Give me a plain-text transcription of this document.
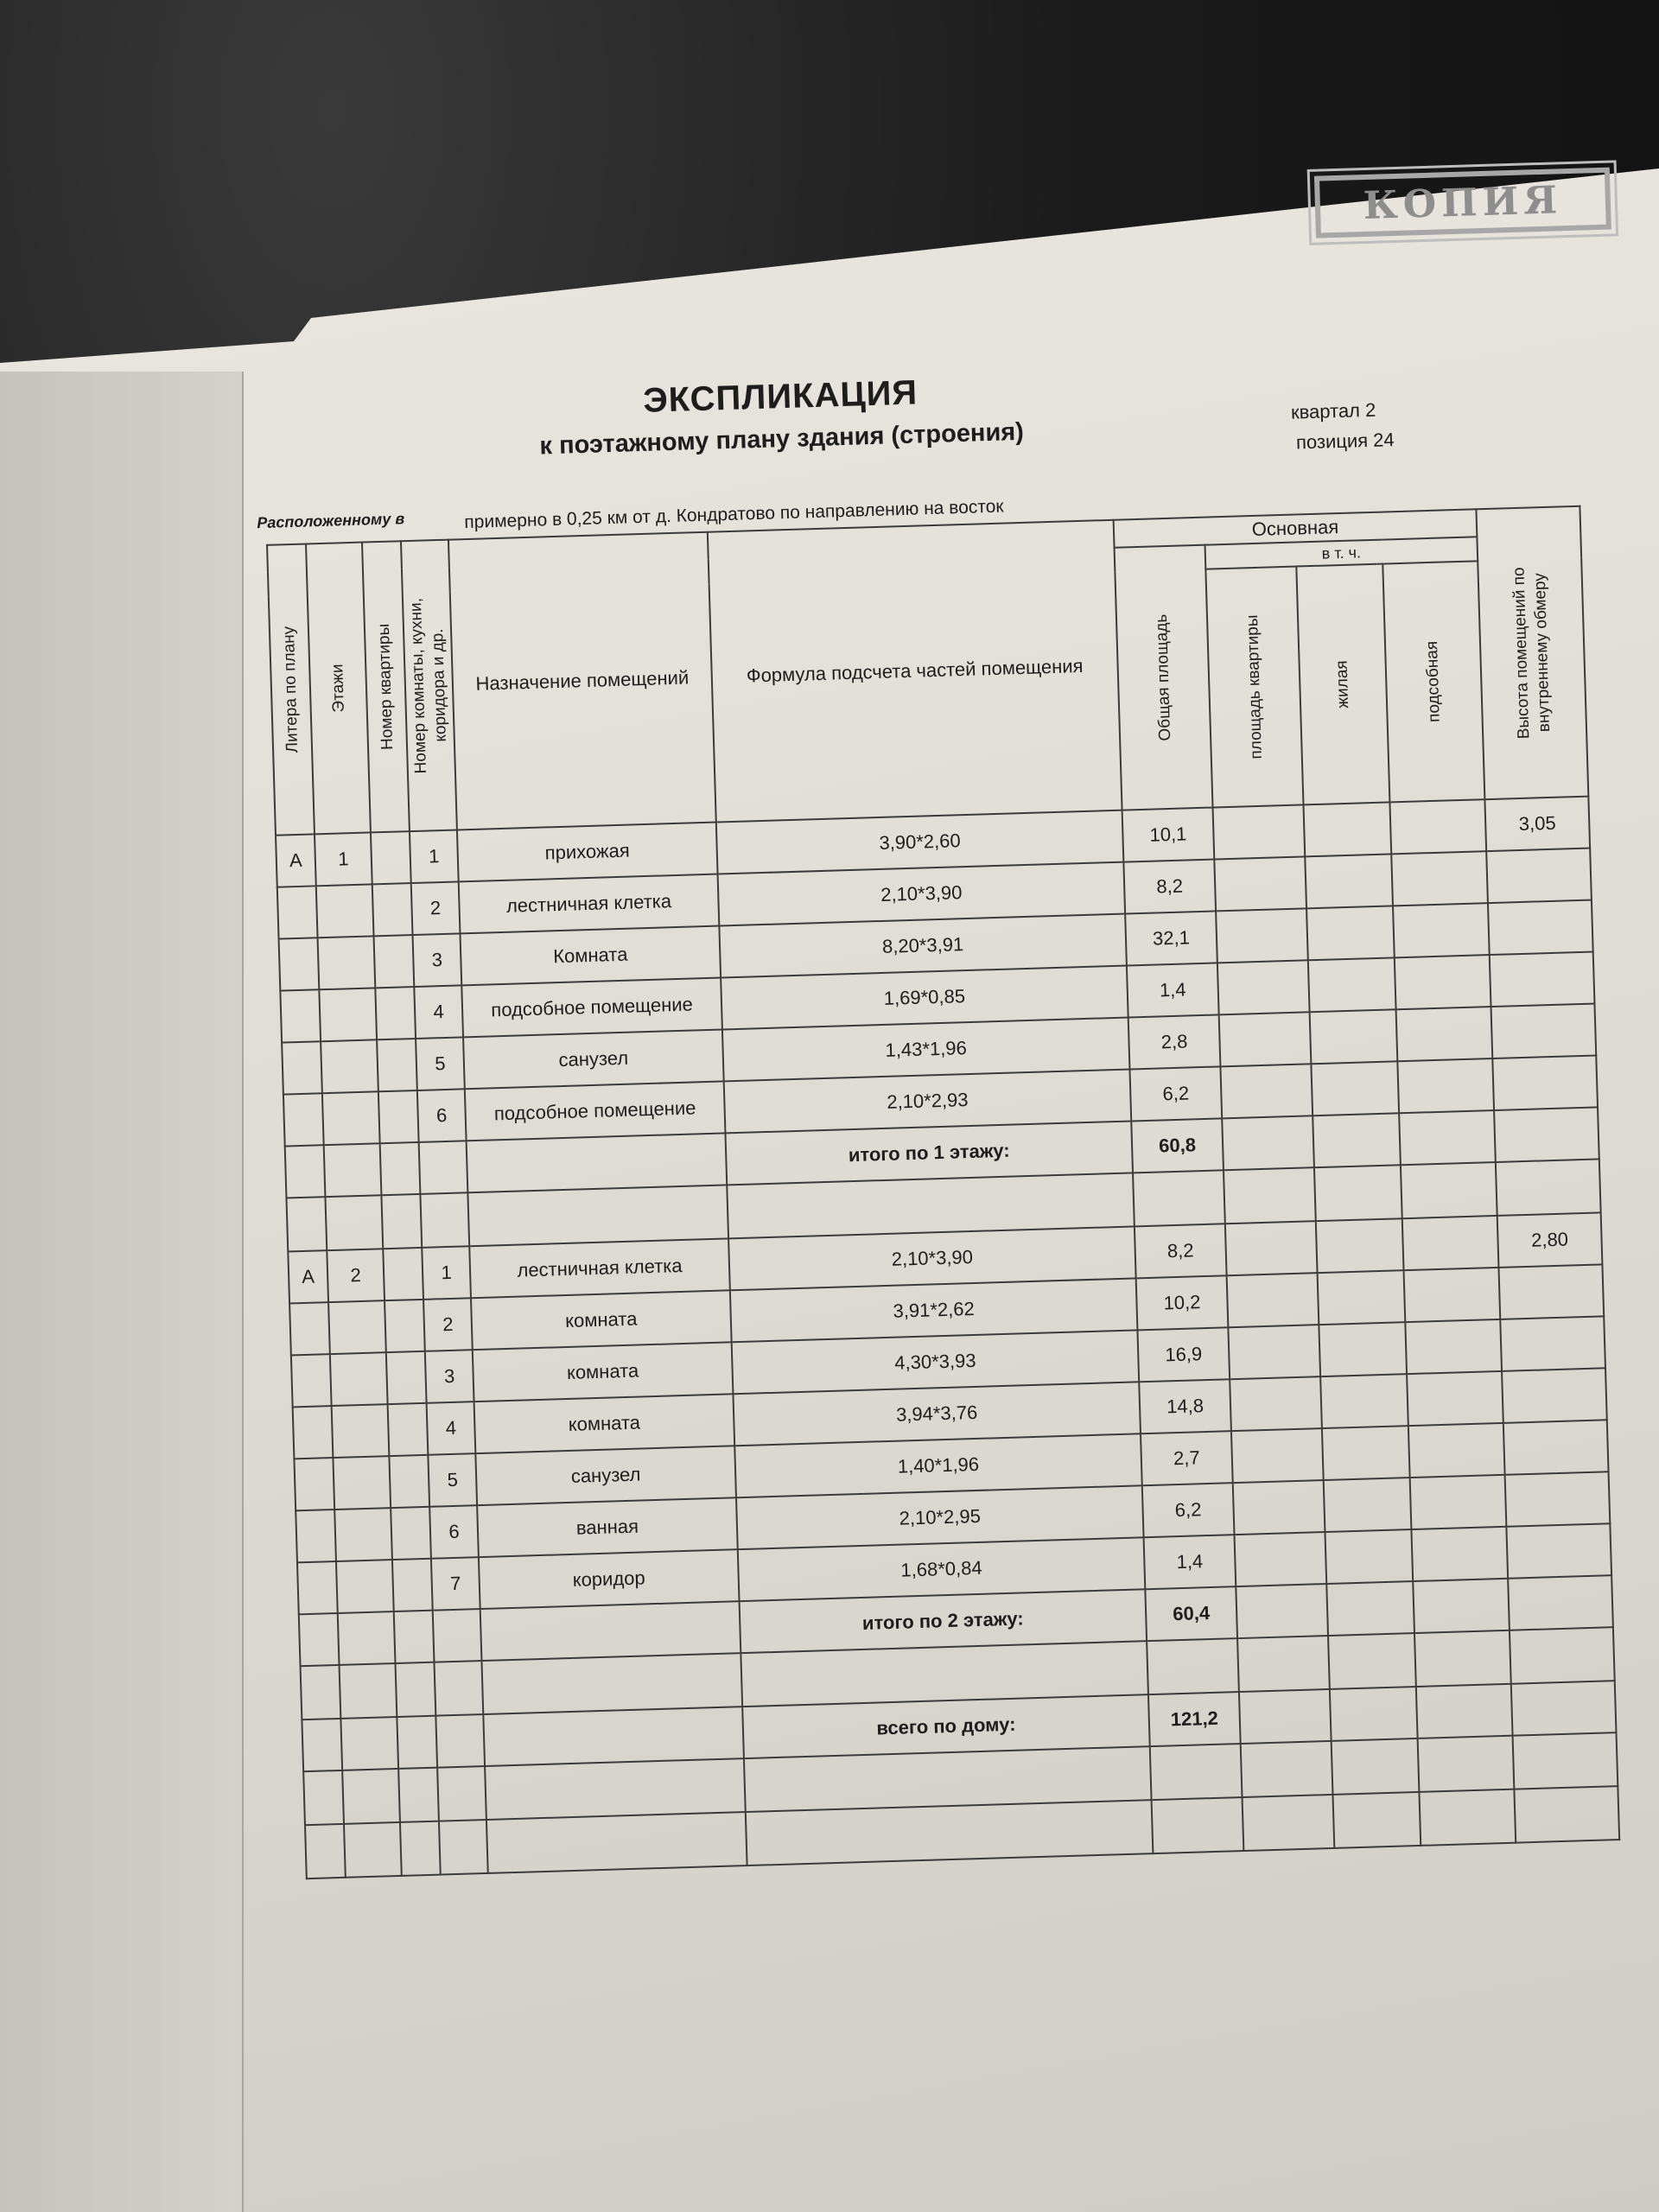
КОПИЯ
ЭКСПЛИКАЦИЯ
к поэтажному плану здания (строения)
квартал 2
позиция 24
Расположенному в	примерно в 0,25 км от д. Кондратово по направлению на восток
Литера по плану	Этажи	Номер квартиры	Номер комнаты, кухни,
коридора и др.	Назначение помещений	Формула подсчета частей помещения	Основная				Высота помещений по
внутреннему обмеру

						Общая площадь	в т. ч.			

							площадь квартиры	жилая	подсобная	

А	1		1	прихожая	3,90*2,60	10,1				3,05
			2	лестничная клетка	2,10*3,90	8,2				
			3	Комната	8,20*3,91	32,1				
			4	подсобное помещение	1,69*0,85	1,4				
			5	санузел	1,43*1,96	2,8				
			6	подсобное помещение	2,10*2,93	6,2				
					итого по 1 этажу:	60,8				

А	2		1	лестничная клетка	2,10*3,90	8,2				2,80
			2	комната	3,91*2,62	10,2				
			3	комната	4,30*3,93	16,9				
			4	комната	3,94*3,76	14,8				
			5	санузел	1,40*1,96	2,7				
			6	ванная	2,10*2,95	6,2				
			7	коридор	1,68*0,84	1,4				
					итого по 2 этажу:	60,4				

					всего по дому:	121,2				
